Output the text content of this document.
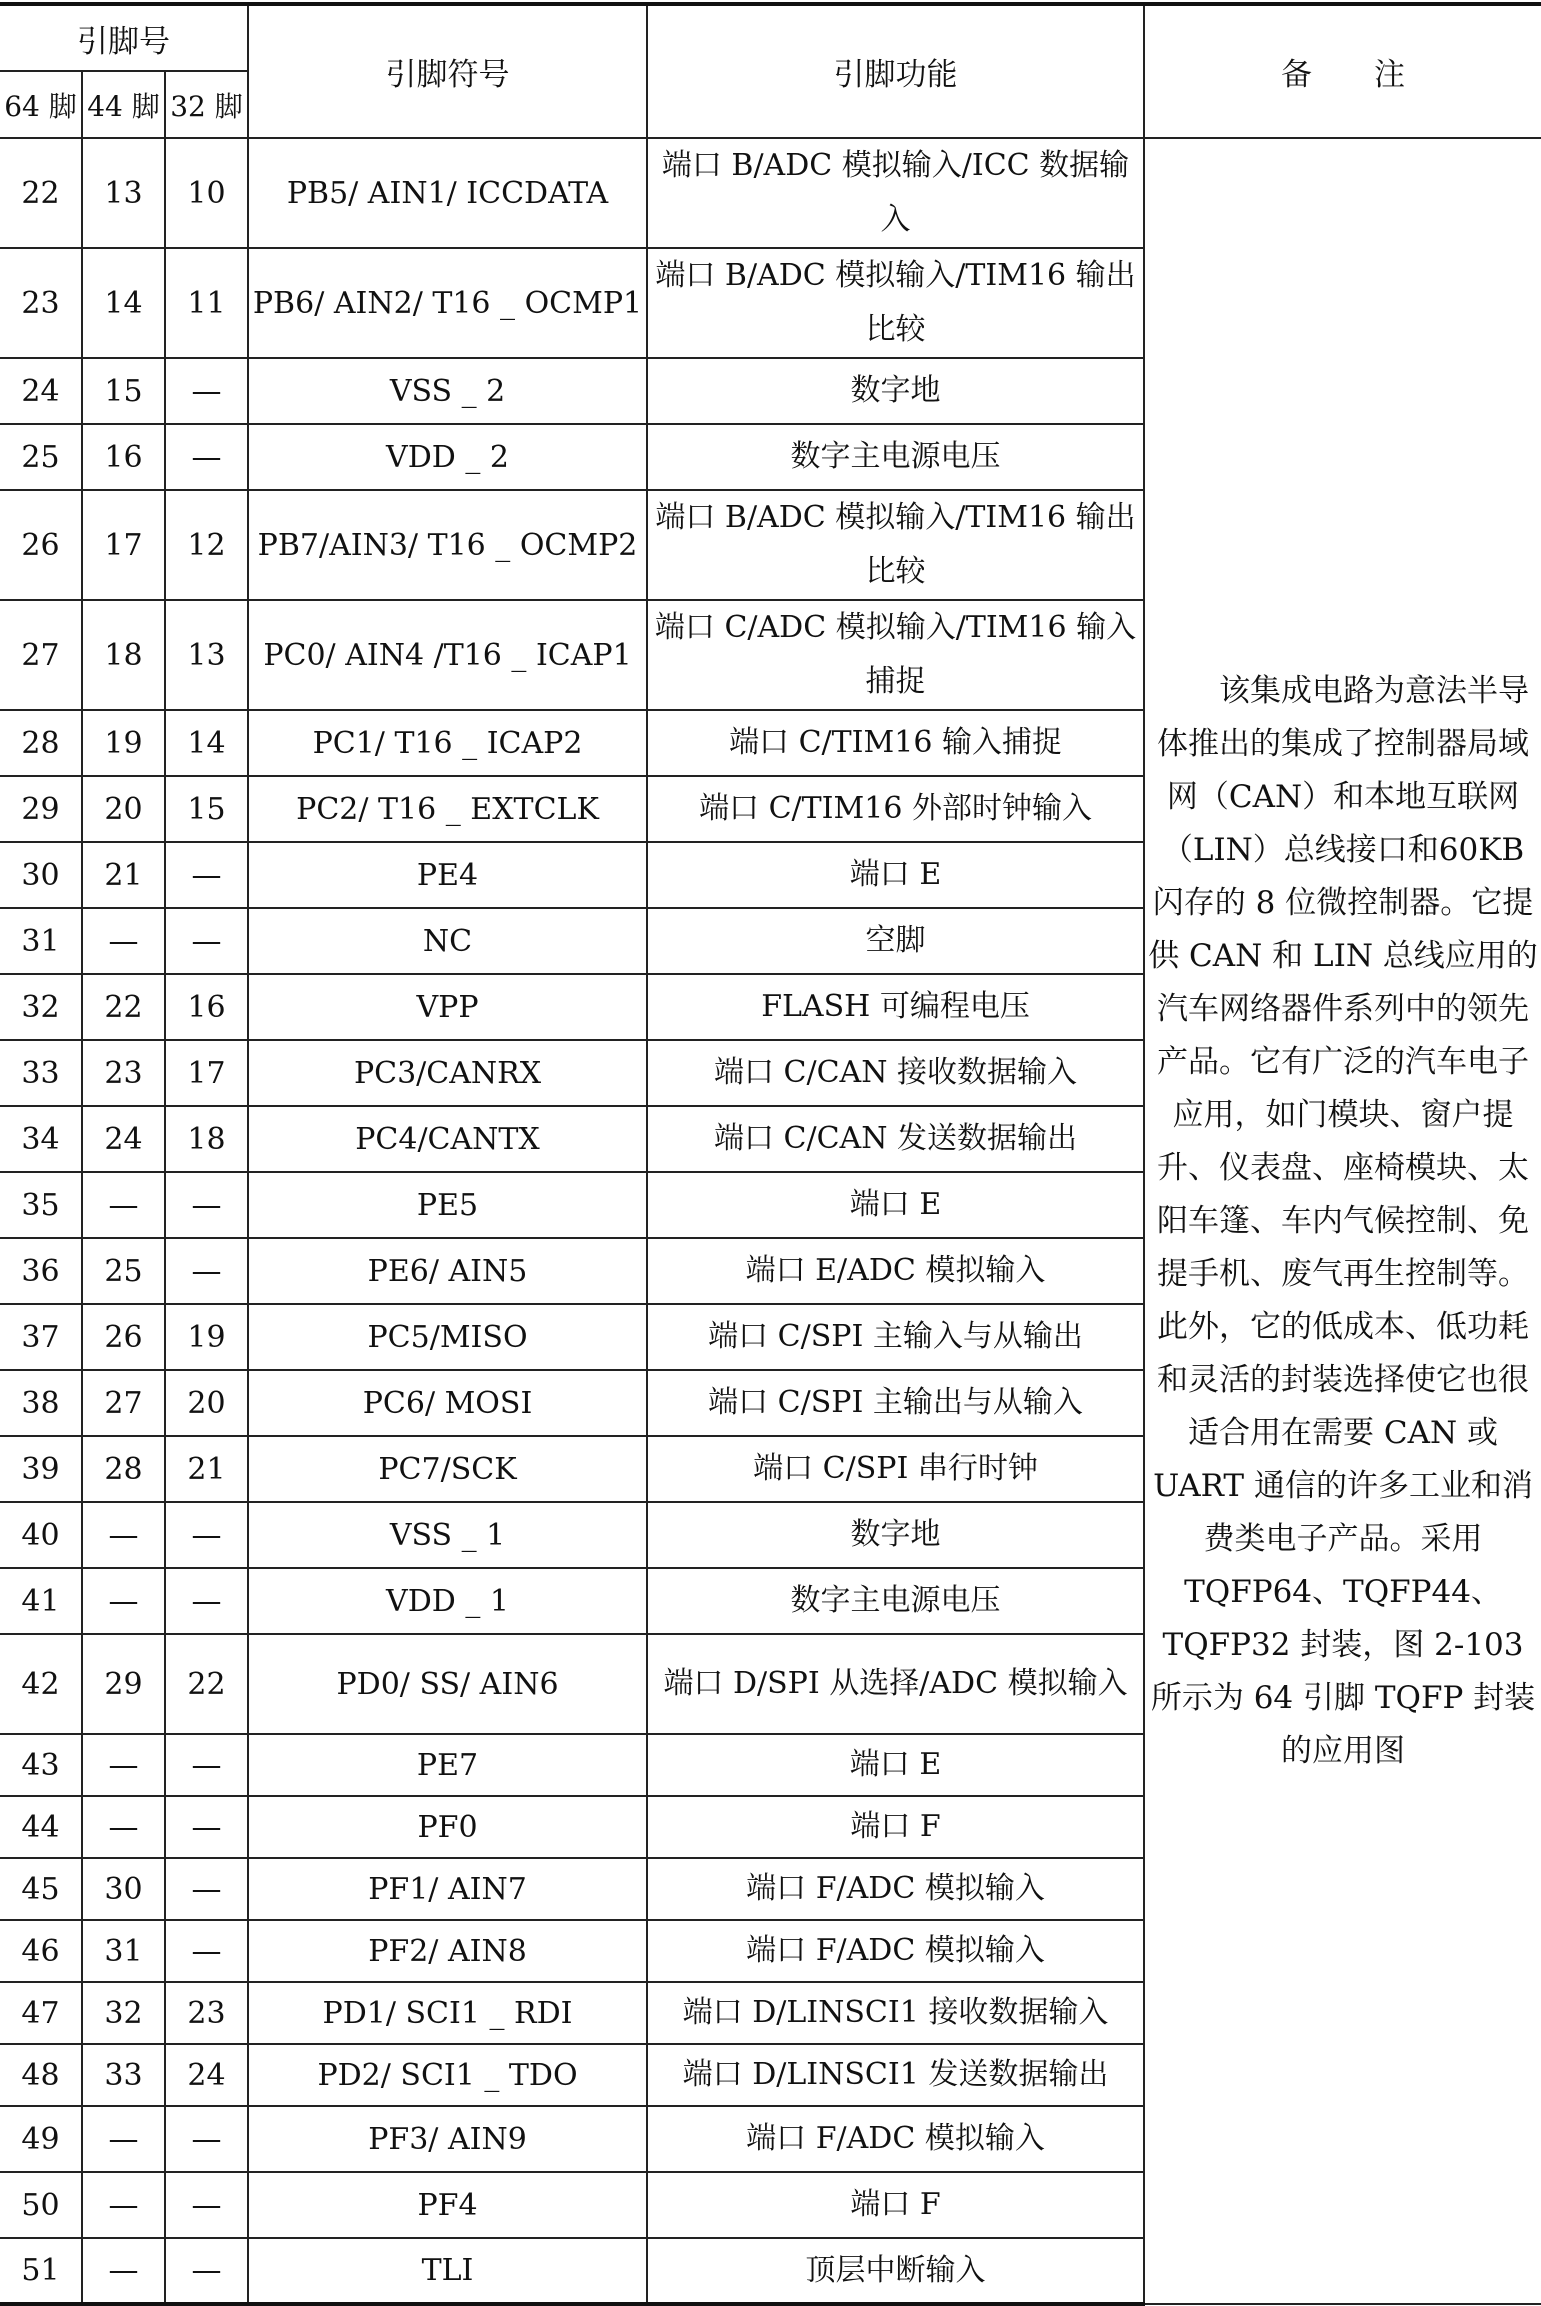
引脚号			引脚符号	引脚功能	备　　注
64 脚	44 脚	32 脚			
22	13	10	PB5/ AIN1/ ICCDATA	端口 B/ADC 模拟输入/ICC 数据输入	该集成电路为意法半导体推出的集成了控制器局域网（CAN）和本地互联网（LIN）总线接口和60KB 闪存的 8 位微控制器。它提供 CAN 和 LIN 总线应用的汽车网络器件系列中的领先产品。它有广泛的汽车电子应用，如门模块、窗户提升、仪表盘、座椅模块、太阳车篷、车内气候控制、免提手机、废气再生控制等。此外，它的低成本、低功耗和灵活的封装选择使它也很适合用在需要 CAN 或 UART 通信的许多工业和消费类电子产品。采用 TQFP64、TQFP44、TQFP32 封装，图 2-103 所示为 64 引脚 TQFP 封装的应用图
23	14	11	PB6/ AIN2/ T16 _ OCMP1	端口 B/ADC 模拟输入/TIM16 输出比较	
24	15	—	VSS _ 2	数字地	
25	16	—	VDD _ 2	数字主电源电压	
26	17	12	PB7/AIN3/ T16 _ OCMP2	端口 B/ADC 模拟输入/TIM16 输出比较	
27	18	13	PC0/ AIN4 /T16 _ ICAP1	端口 C/ADC 模拟输入/TIM16 输入捕捉	
28	19	14	PC1/ T16 _ ICAP2	端口 C/TIM16 输入捕捉	
29	20	15	PC2/ T16 _ EXTCLK	端口 C/TIM16 外部时钟输入	
30	21	—	PE4	端口 E	
31	—	—	NC	空脚	
32	22	16	VPP	FLASH 可编程电压	
33	23	17	PC3/CANRX	端口 C/CAN 接收数据输入	
34	24	18	PC4/CANTX	端口 C/CAN 发送数据输出	
35	—	—	PE5	端口 E	
36	25	—	PE6/ AIN5	端口 E/ADC 模拟输入	
37	26	19	PC5/MISO	端口 C/SPI 主输入与从输出	
38	27	20	PC6/ MOSI	端口 C/SPI 主输出与从输入	
39	28	21	PC7/SCK	端口 C/SPI 串行时钟	
40	—	—	VSS _ 1	数字地	
41	—	—	VDD _ 1	数字主电源电压	
42	29	22	PD0/ SS/ AIN6	端口 D/SPI 从选择/ADC 模拟输入	
43	—	—	PE7	端口 E	
44	—	—	PF0	端口 F	
45	30	—	PF1/ AIN7	端口 F/ADC 模拟输入	
46	31	—	PF2/ AIN8	端口 F/ADC 模拟输入	
47	32	23	PD1/ SCI1 _ RDI	端口 D/LINSCI1 接收数据输入	
48	33	24	PD2/ SCI1 _ TDO	端口 D/LINSCI1 发送数据输出	
49	—	—	PF3/ AIN9	端口 F/ADC 模拟输入	
50	—	—	PF4	端口 F	
51	—	—	TLI	顶层中断输入	
